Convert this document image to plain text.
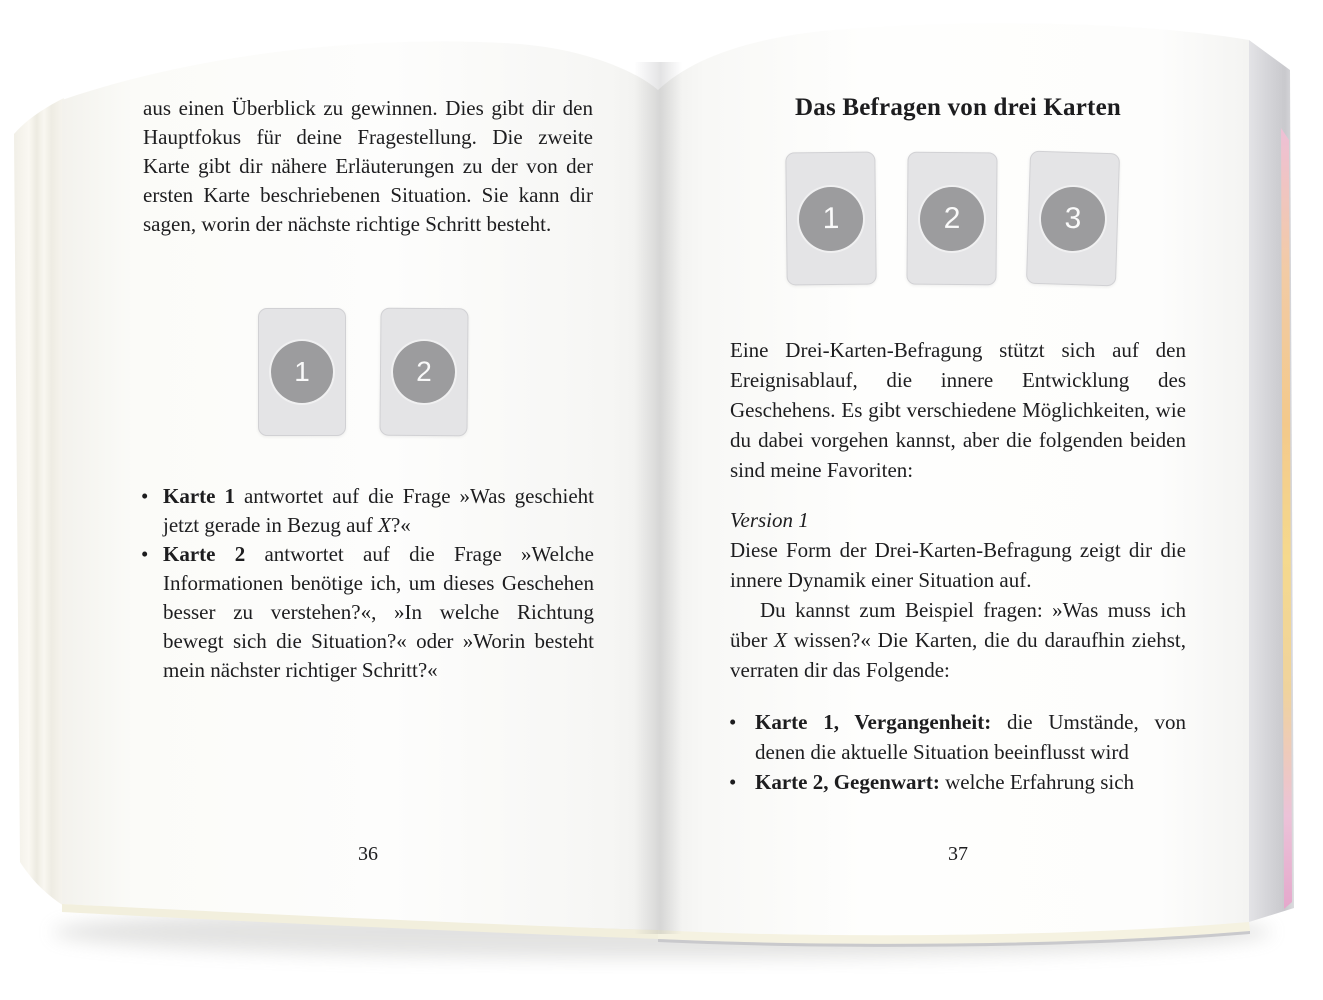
aus einen Überblick zu gewinnen. Dies gibt dir den Hauptfokus für deine Fragestellung. Die zweite Karte gibt dir nähere Erläuterungen zu der von der ersten Karte beschriebenen Situation. Sie kann dir sagen, worin der nächste richtige Schritt besteht.

1	2
• Karte 1 antwortet auf die Frage »Was geschieht jetzt gerade in Bezug auf X?«
• Karte 2 antwortet auf die Frage »Welche Informationen benötige ich, um dieses Geschehen besser zu verstehen?«, »In welche Richtung bewegt sich die Situation?« oder »Worin besteht mein nächster richtiger Schritt?«
36
Das Befragen von drei Karten
1	2	3

Eine Drei-Karten-Befragung stützt sich auf den Ereignisablauf, die innere Entwicklung des Geschehens. Es gibt verschiedene Möglichkeiten, wie du dabei vorgehen kannst, aber die folgenden beiden sind meine Favoriten:

Version 1

Diese Form der Drei-Karten-Befragung zeigt dir die innere Dynamik einer Situation auf.

Du kannst zum Beispiel fragen: »Was muss ich über X wissen?« Die Karten, die du daraufhin ziehst, verraten dir das Folgende:

• Karte 1, Vergangenheit: die Umstände, von denen die aktuelle Situation beeinflusst wird
• Karte 2, Gegenwart: welche Erfahrung sich
37
